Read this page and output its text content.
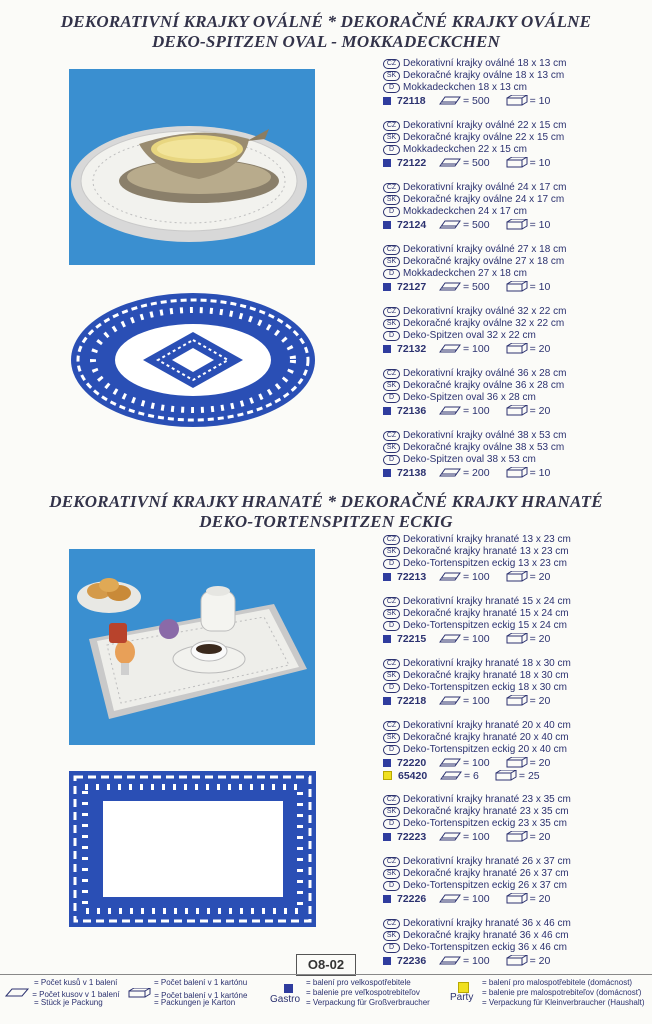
DEKORATIVNÍ KRAJKY OVÁLNÉ * DEKORAČNÉ KRAJKY OVÁLNE
DEKO-SPITZEN OVAL - MOKKADECKCHEN
CZ Dekorativní krajky oválné 18 x 13 cm
SK Dekoračné krajky oválne 18 x 13 cm
D Mokkadeckchen 18 x 13 cm
72118	= 500	= 10
CZ Dekorativní krajky oválné 22 x 15 cm
SK Dekoračné krajky oválne 22 x 15 cm
D Mokkadeckchen 22 x 15 cm
72122	= 500	= 10
CZ Dekorativní krajky oválné 24 x 17 cm
SK Dekoračné krajky oválne 24 x 17 cm
D Mokkadeckchen 24 x 17 cm
72124	= 500	= 10
CZ Dekorativní krajky oválné 27 x 18 cm
SK Dekoračné krajky oválne 27 x 18 cm
D Mokkadeckchen 27 x 18 cm
72127	= 500	= 10
CZ Dekorativní krajky oválné 32 x 22 cm
SK Dekoračné krajky oválne 32 x 22 cm
D Deko-Spitzen oval 32 x 22 cm
72132	= 100	= 20
CZ Dekorativní krajky oválné 36 x 28 cm
SK Dekoračné krajky oválne 36 x 28 cm
D Deko-Spitzen oval 36 x 28 cm
72136	= 100	= 20
CZ Dekorativní krajky oválné 38 x 53 cm
SK Dekoračné krajky oválne 38 x 53 cm
D Deko-Spitzen oval 38 x 53 cm
72138	= 200	= 10
DEKORATIVNÍ KRAJKY HRANATÉ * DEKORAČNÉ KRAJKY HRANATÉ
DEKO-TORTENSPITZEN ECKIG
CZ Dekorativní krajky hranaté 13 x 23 cm
SK Dekoračné krajky hranaté 13 x 23 cm
D Deko-Tortenspitzen eckig 13 x 23 cm
72213	= 100	= 20
CZ Dekorativní krajky hranaté 15 x 24 cm
SK Dekoračné krajky hranaté 15 x 24 cm
D Deko-Tortenspitzen eckig 15 x 24 cm
72215	= 100	= 20
CZ Dekorativní krajky hranaté 18 x 30 cm
SK Dekoračné krajky hranaté 18 x 30 cm
D Deko-Tortenspitzen eckig 18 x 30 cm
72218	= 100	= 20
CZ Dekorativní krajky hranaté 20 x 40 cm
SK Dekoračné krajky hranaté 20 x 40 cm
D Deko-Tortenspitzen eckig 20 x 40 cm
72220	= 100	= 20
65420	= 6	= 25
CZ Dekorativní krajky hranaté 23 x 35 cm
SK Dekoračné krajky hranaté 23 x 35 cm
D Deko-Tortenspitzen eckig 23 x 35 cm
72223	= 100	= 20
CZ Dekorativní krajky hranaté 26 x 37 cm
SK Dekoračné krajky hranaté 26 x 37 cm
D Deko-Tortenspitzen eckig 26 x 37 cm
72226	= 100	= 20
CZ Dekorativní krajky hranaté 36 x 46 cm
SK Dekoračné krajky hranaté 36 x 46 cm
D Deko-Tortenspitzen eckig 36 x 46 cm
72236	= 100	= 20
O8-02
= Počet kusů v 1 balení
= Počet kusov v 1 balení
= Stück je Packung
= Počet balení v 1 kartónu
= Počet balení v 1 kartóne
= Packungen je Karton	Gastro
= balení pro velkospotřebitele
= balenie pre veľkospotrebiteľov
= Verpackung für Großverbraucher Party
= balení pro malospotřebitele (domácnost)
= balenie pre malospotrebiteľov (domácnosť)
= Verpackung für Kleinverbraucher (Haushalt)
